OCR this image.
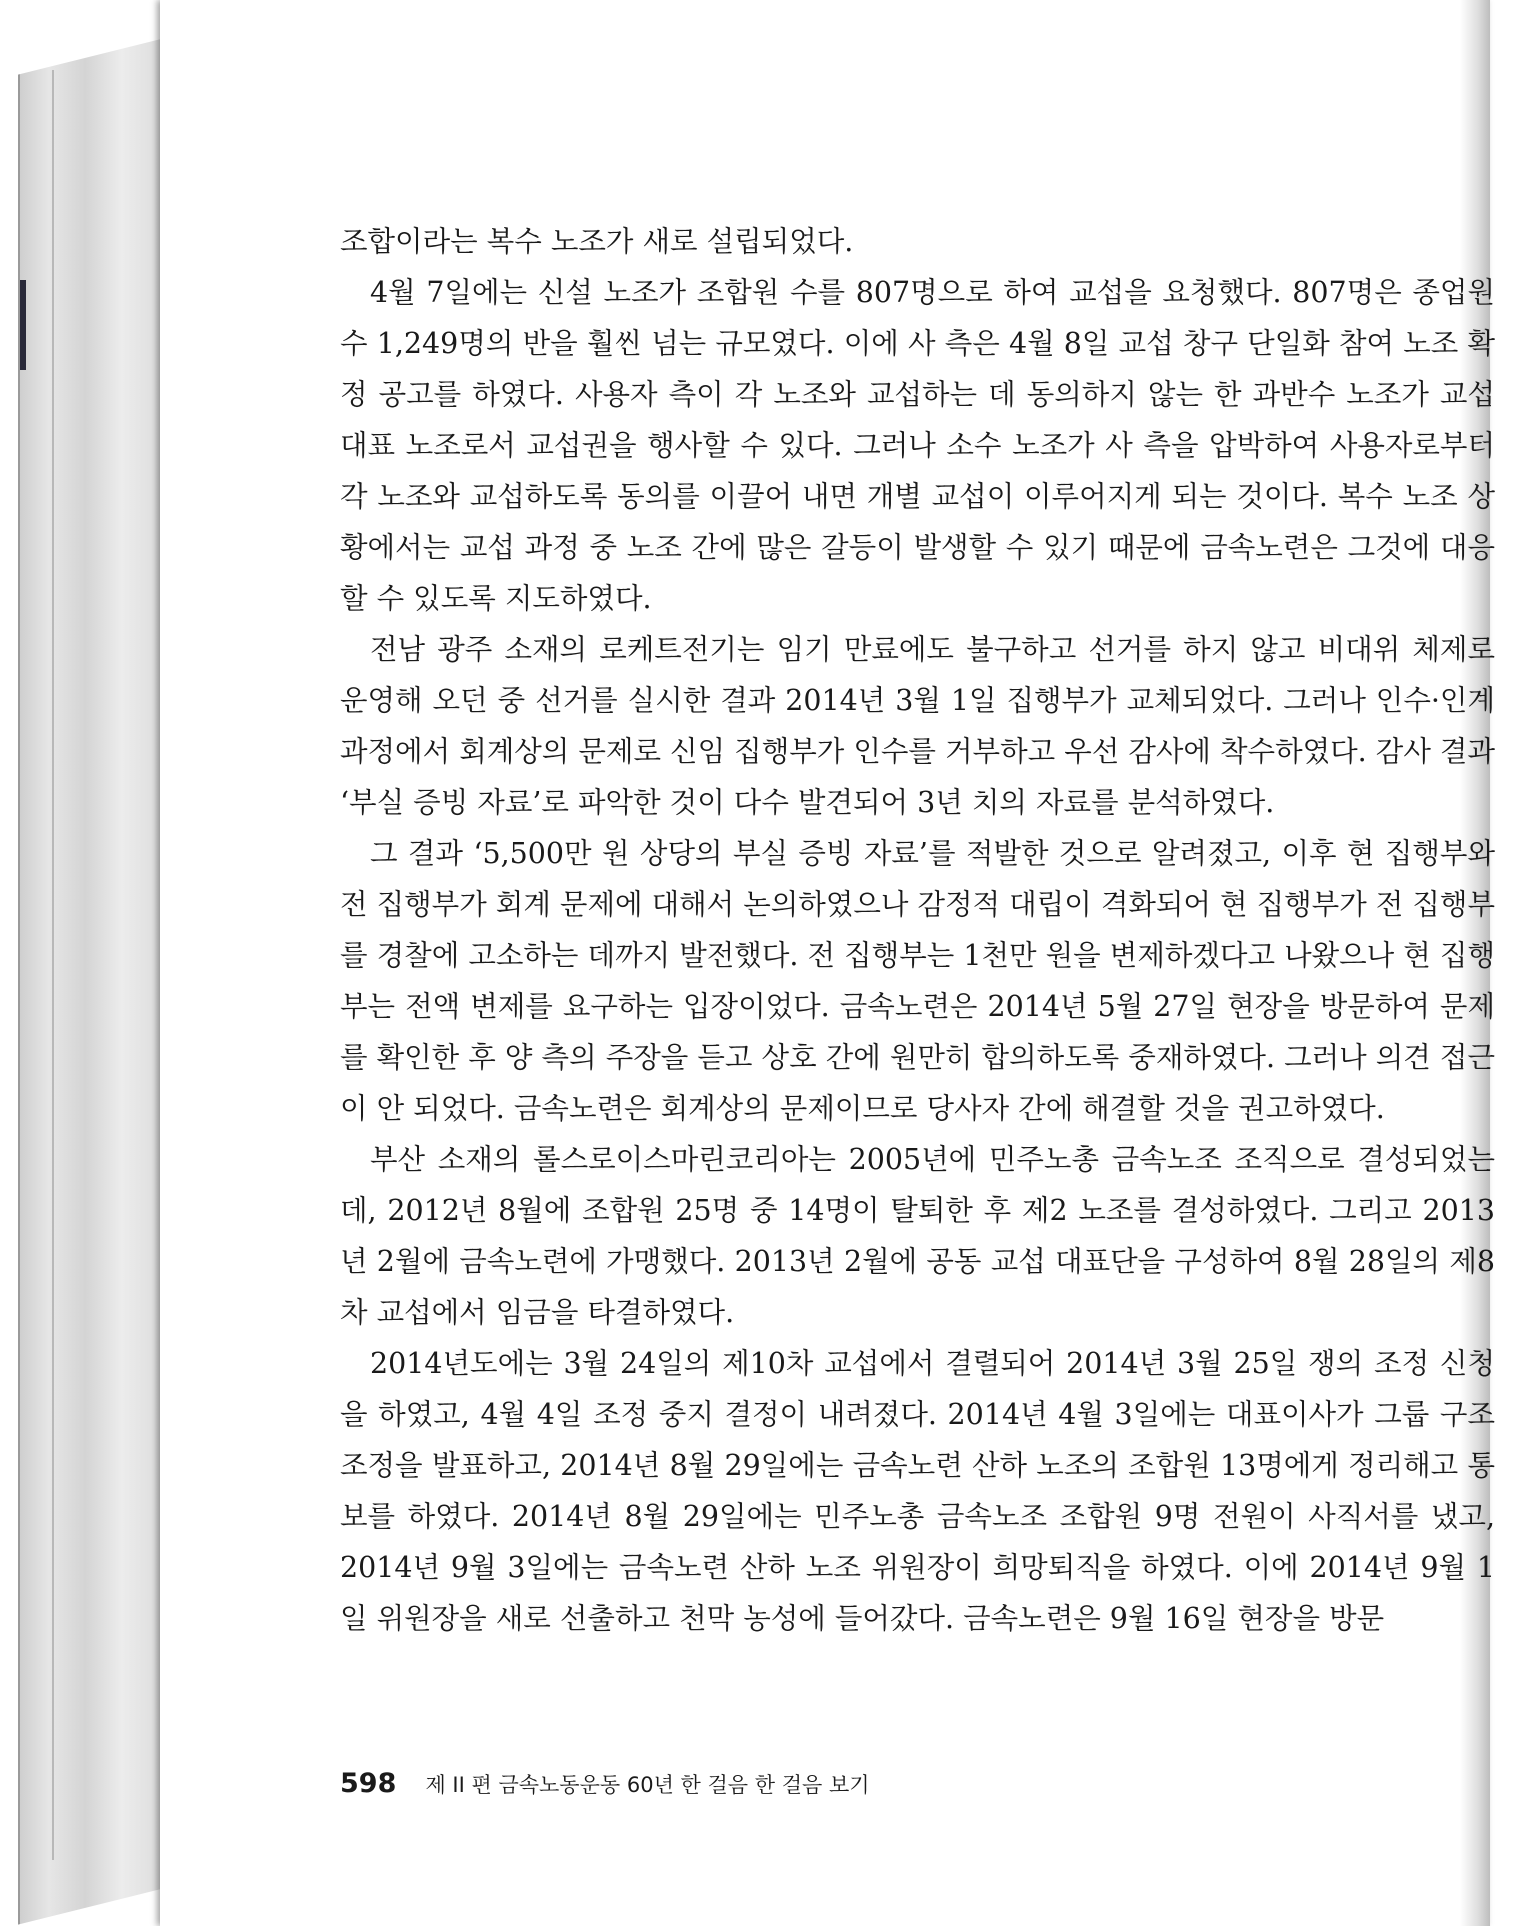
조합이라는 복수 노조가 새로 설립되었다.

4월 7일에는 신설 노조가 조합원 수를 807명으로 하여 교섭을 요청했다. 807명은 종업원 수 1,249명의 반을 훨씬 넘는 규모였다. 이에 사 측은 4월 8일 교섭 창구 단일화 참여 노조 확정 공고를 하였다. 사용자 측이 각 노조와 교섭하는 데 동의하지 않는 한 과반수 노조가 교섭 대표 노조로서 교섭권을 행사할 수 있다. 그러나 소수 노조가 사 측을 압박하여 사용자로부터 각 노조와 교섭하도록 동의를 이끌어 내면 개별 교섭이 이루어지게 되는 것이다. 복수 노조 상황에서는 교섭 과정 중 노조 간에 많은 갈등이 발생할 수 있기 때문에 금속노련은 그것에 대응할 수 있도록 지도하였다.

전남 광주 소재의 로케트전기는 임기 만료에도 불구하고 선거를 하지 않고 비대위 체제로 운영해 오던 중 선거를 실시한 결과 2014년 3월 1일 집행부가 교체되었다. 그러나 인수·인계 과정에서 회계상의 문제로 신임 집행부가 인수를 거부하고 우선 감사에 착수하였다. 감사 결과 ‘부실 증빙 자료’로 파악한 것이 다수 발견되어 3년 치의 자료를 분석하였다.

그 결과 ‘5,500만 원 상당의 부실 증빙 자료’를 적발한 것으로 알려졌고, 이후 현 집행부와 전 집행부가 회계 문제에 대해서 논의하였으나 감정적 대립이 격화되어 현 집행부가 전 집행부를 경찰에 고소하는 데까지 발전했다. 전 집행부는 1천만 원을 변제하겠다고 나왔으나 현 집행부는 전액 변제를 요구하는 입장이었다. 금속노련은 2014년 5월 27일 현장을 방문하여 문제를 확인한 후 양 측의 주장을 듣고 상호 간에 원만히 합의하도록 중재하였다. 그러나 의견 접근이 안 되었다. 금속노련은 회계상의 문제이므로 당사자 간에 해결할 것을 권고하였다.

부산 소재의 롤스로이스마린코리아는 2005년에 민주노총 금속노조 조직으로 결성되었는데, 2012년 8월에 조합원 25명 중 14명이 탈퇴한 후 제2 노조를 결성하였다. 그리고 2013년 2월에 금속노련에 가맹했다. 2013년 2월에 공동 교섭 대표단을 구성하여 8월 28일의 제8차 교섭에서 임금을 타결하였다.

2014년도에는 3월 24일의 제10차 교섭에서 결렬되어 2014년 3월 25일 쟁의 조정 신청을 하였고, 4월 4일 조정 중지 결정이 내려졌다. 2014년 4월 3일에는 대표이사가 그룹 구조조정을 발표하고, 2014년 8월 29일에는 금속노련 산하 노조의 조합원 13명에게 정리해고 통보를 하였다. 2014년 8월 29일에는 민주노총 금속노조 조합원 9명 전원이 사직서를 냈고, 2014년 9월 3일에는 금속노련 산하 노조 위원장이 희망퇴직을 하였다. 이에 2014년 9월 1일 위원장을 새로 선출하고 천막 농성에 들어갔다. 금속노련은 9월 16일 현장을 방문

598 제 II 편 금속노동운동 60년 한 걸음 한 걸음 보기
